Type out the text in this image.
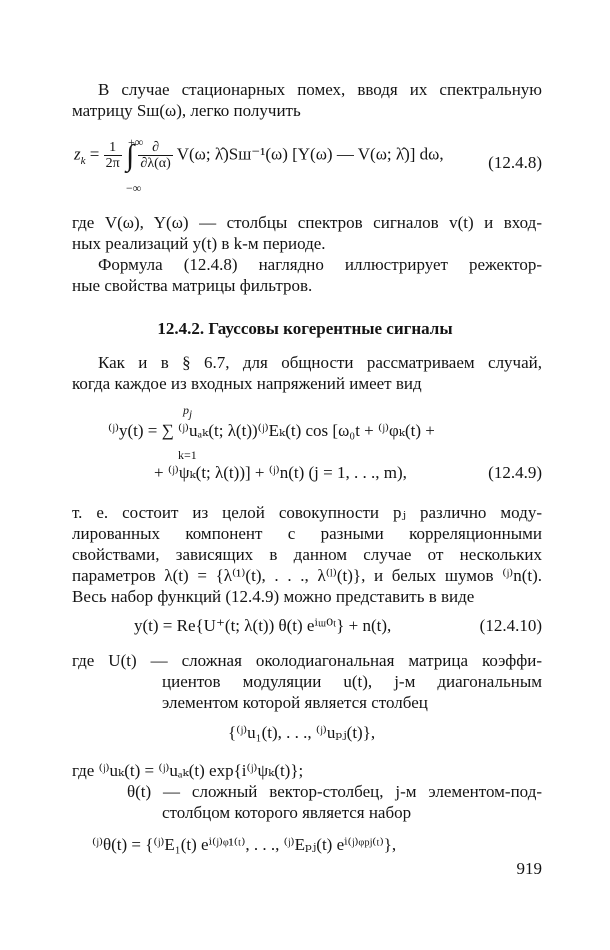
В случае стационарных помех, вводя их спектральную
матрицу Sш(ω), легко получить
$z_k = \frac{1}{2\pi}$ ∫ $\frac{\partial}{\partial\lambda(\alpha)} V(\omega$; λ̂)Sш⁻¹(ω) [Y(ω) — V(ω; λ̂)] dω,
+∞
−∞
(12.4.8)
где V(ω), Y(ω) — столбцы спектров сигналов v(t) и вход-
ных реализаций y(t) в k-м периоде.
Формула (12.4.8) наглядно иллюстрирует режектор-
ные свойства матрицы фильтров.
12.4.2. Гауссовы когерентные сигналы
Как и в § 6.7, для общности рассматриваем случай,
когда каждое из входных напряжений имеет вид
$p_j$
k=1
⁽ʲ⁾y(t) = ∑ ⁽ʲ⁾uₐₖ(t; λ(t))⁽ʲ⁾Eₖ(t) cos [ω₀t + ⁽ʲ⁾φₖ(t) +
+ ⁽ʲ⁾ψₖ(t; λ(t))] + ⁽ʲ⁾n(t) (j = 1, . . ., m),	(12.4.9)
т. е. состоит из целой совокупности pⱼ различно моду-
лированных компонент с разными корреляционными
свойствами, зависящих в данном случае от нескольких
параметров λ(t) = {λ⁽¹⁾(t), . . ., λ⁽ˡ⁾(t)}, и белых шумов ⁽ʲ⁾n(t).
Весь набор функций (12.4.9) можно представить в виде
y(t) = Re{U⁺(t; λ(t)) θ(t) eⁱᵚ⁰ᵗ} + n(t),	(12.4.10)
где U(t) — сложная околодиагональная матрица коэффи-
циентов модуляции u(t), j-м диагональным
элементом которой является столбец
{⁽ʲ⁾u₁(t), . . ., ⁽ʲ⁾uₚⱼ(t)},
где ⁽ʲ⁾uₖ(t) = ⁽ʲ⁾uₐₖ(t) exp{i⁽ʲ⁾ψₖ(t)};
θ(t) — сложный вектор-столбец, j-м элементом-под-
столбцом которого является набор
⁽ʲ⁾θ(t) = {⁽ʲ⁾E₁(t) eⁱ⁽ʲ⁾ᵠ¹⁽ᵗ⁾, . . ., ⁽ʲ⁾Eₚⱼ(t) eⁱ⁽ʲ⁾ᵠᵖʲ⁽ᵗ⁾},
919
